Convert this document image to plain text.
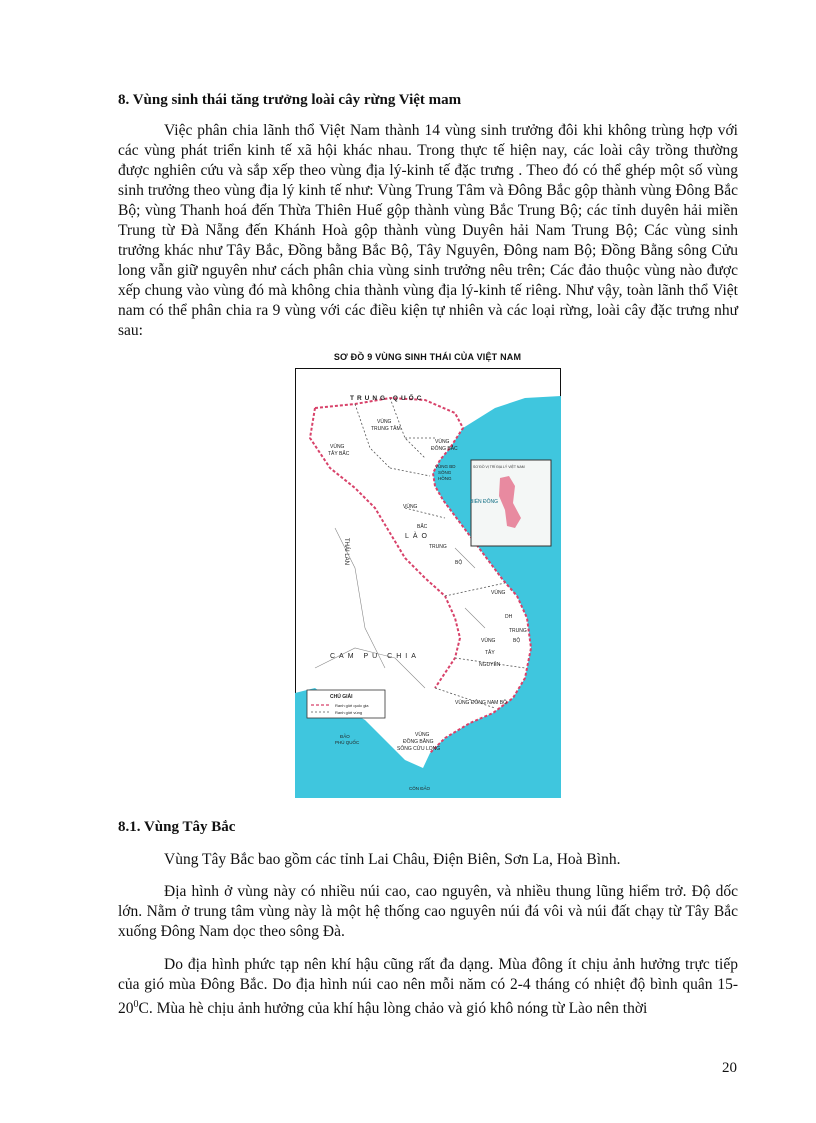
8. Vùng sinh thái tăng trưởng loài cây rừng Việt mam

Việc phân chia lãnh thổ Việt Nam thành 14 vùng sinh trưởng đôi khi không trùng hợp với các vùng phát triển kinh tế xã hội khác nhau. Trong thực tế hiện nay, các loài cây trồng thường được nghiên cứu và sắp xếp theo vùng địa lý-kinh tế đặc trưng . Theo đó có thể ghép một số vùng sinh trưởng theo vùng địa lý kinh tế như: Vùng Trung Tâm và Đông Bắc gộp thành vùng Đông Bắc Bộ; vùng Thanh hoá đến Thừa Thiên Huế gộp thành vùng Bắc Trung Bộ; các tỉnh duyên hải miền Trung từ Đà Nẵng đến Khánh Hoà gộp thành vùng Duyên hải Nam Trung Bộ; Các vùng sinh trưởng khác như Tây Bắc, Đồng bằng Bắc Bộ, Tây Nguyên, Đông nam Bộ; Đồng Bằng sông Cửu long vẫn giữ nguyên như cách phân chia vùng sinh trưởng nêu trên; Các đảo thuộc vùng nào được xếp chung vào vùng đó mà không chia thành vùng địa lý-kinh tế riêng. Như vậy, toàn lãnh thổ Việt nam có thể phân chia ra 9 vùng với các điều kiện tự nhiên và các loại rừng, loài cây đặc trưng như sau:

SƠ ĐỒ 9 VÙNG SINH THÁI CỦA VIỆT NAM
SƠ ĐỒ VỊ TRÍ ĐỊA LÝ VIỆT NAM
TRUNG QUỐC
VÙNG
TRUNG TÂM
VÙNG
TÂY BẮC
VÙNG
ĐÔNG BẮC
VÙNG BD
SÔNG
HỒNG
BIỂN ĐÔNG
VÙNG
BẮC
TRUNG
BỘ
LÀO
THÁI LAN
VÙNG
DH
TRUNG
BỘ
VÙNG
TÂY
NGUYÊN
CAM PU CHIA
CHÚ GIẢI
Ranh giới quốc gia
Ranh giới vùng
VÙNG ĐÔNG NAM BỘ
VÙNG
ĐỒNG BẰNG
SÔNG CỬU LONG
ĐẢO
PHÚ QUỐC
CÔN ĐẢO
8.1. Vùng Tây Bắc

Vùng Tây Bắc bao gồm các tỉnh Lai Châu, Điện Biên, Sơn La, Hoà Bình.

Địa hình ở vùng này có nhiều núi cao, cao nguyên, và nhiều thung lũng hiểm trở. Độ dốc lớn. Nằm ở trung tâm vùng này là một hệ thống cao nguyên núi đá vôi và núi đất chạy từ Tây Bắc xuống Đông Nam dọc theo sông Đà.

Do địa hình phức tạp nên khí hậu cũng rất đa dạng. Mùa đông ít chịu ảnh hưởng trực tiếp của gió mùa Đông Bắc. Do địa hình núi cao nên mỗi năm có 2-4 tháng có nhiệt độ bình quân $15-20^0C$. Mùa hè chịu ảnh hưởng của khí hậu lòng chảo và gió khô nóng từ Lào nên thời

20
